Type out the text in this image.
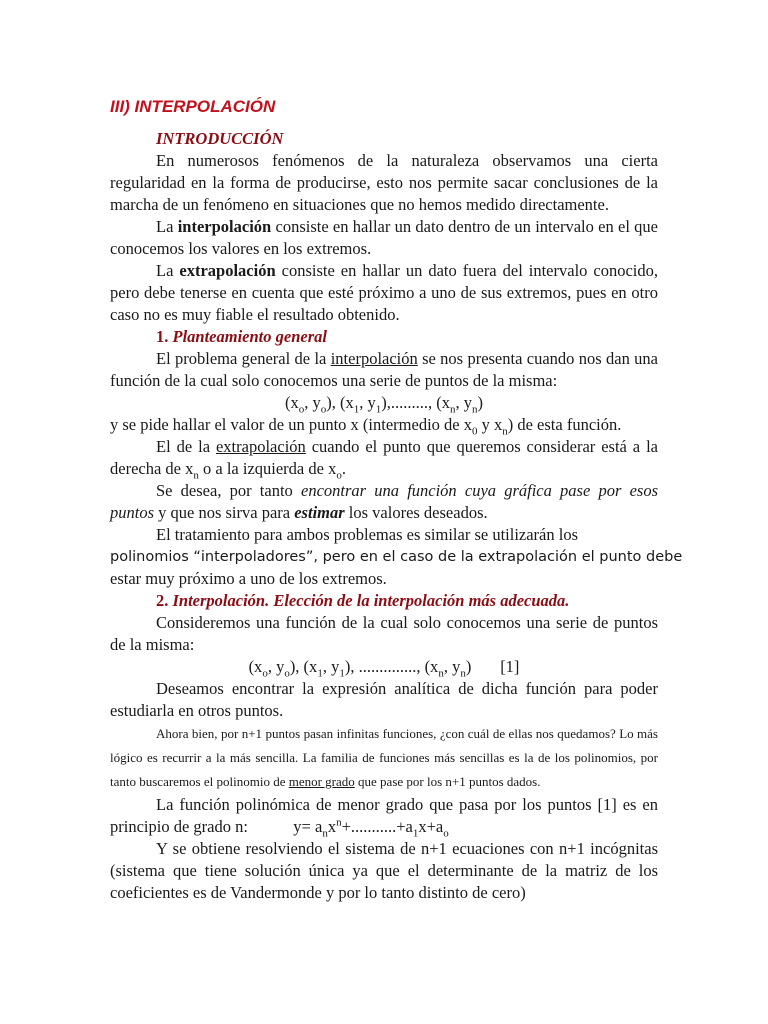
III) INTERPOLACIÓN

INTRODUCCIÓN

En numerosos fenómenos de la naturaleza observamos una cierta regularidad en la forma de producirse, esto nos permite sacar conclusiones de la marcha de un fenómeno en situaciones que no hemos medido directamente.

La interpolación consiste en hallar un dato dentro de un intervalo en el que conocemos los valores en los extremos.

La extrapolación consiste en hallar un dato fuera del intervalo conocido, pero debe tenerse en cuenta que esté próximo a uno de sus extremos, pues en otro caso no es muy fiable el resultado obtenido.

1. Planteamiento general

El problema general de la interpolación se nos presenta cuando nos dan una función de la cual solo conocemos una serie de puntos de la misma:

($x_o$, $y_o$), ($x_1$, $y_1$),........., ($x_n$, $y_n$)

y se pide hallar el valor de un punto x (intermedio de $x_0$ y $x_n$) de esta función.

El de la extrapolación cuando el punto que queremos considerar está a la derecha de $x_n$ o a la izquierda de $x_o$.

Se desea, por tanto encontrar una función cuya gráfica pase por esos puntos y que nos sirva para estimar los valores deseados.

El tratamiento para ambos problemas es similar se utilizarán los

polinomios “interpoladores”, pero en el caso de la extrapolación el punto debe

estar muy próximo a uno de los extremos.

2. Interpolación. Elección de la interpolación más adecuada.

Consideremos una función de la cual solo conocemos una serie de puntos de la misma:

($x_o$, $y_o$), ($x_1$, $y_1$), .............., ($x_n$, $y_n$)       [1]

Deseamos encontrar la expresión analítica de dicha función para poder estudiarla en otros puntos.

Ahora bien, por n+1 puntos pasan infinitas funciones, ¿con cuál de ellas nos quedamos? Lo más lógico es recurrir a la más sencilla. La familia de funciones más sencillas es la de los polinomios, por tanto buscaremos el polinomio de menor grado que pase por los n+1 puntos dados.

La función polinómica de menor grado que pasa por los puntos [1] es en principio de grado n:	$y= a_nx^n+...........+a_1x+a_o$

Y se obtiene resolviendo el sistema de n+1 ecuaciones con n+1 incógnitas (sistema que tiene solución única ya que el determinante de la matriz de los coeficientes es de Vandermonde y por lo tanto distinto de cero)
